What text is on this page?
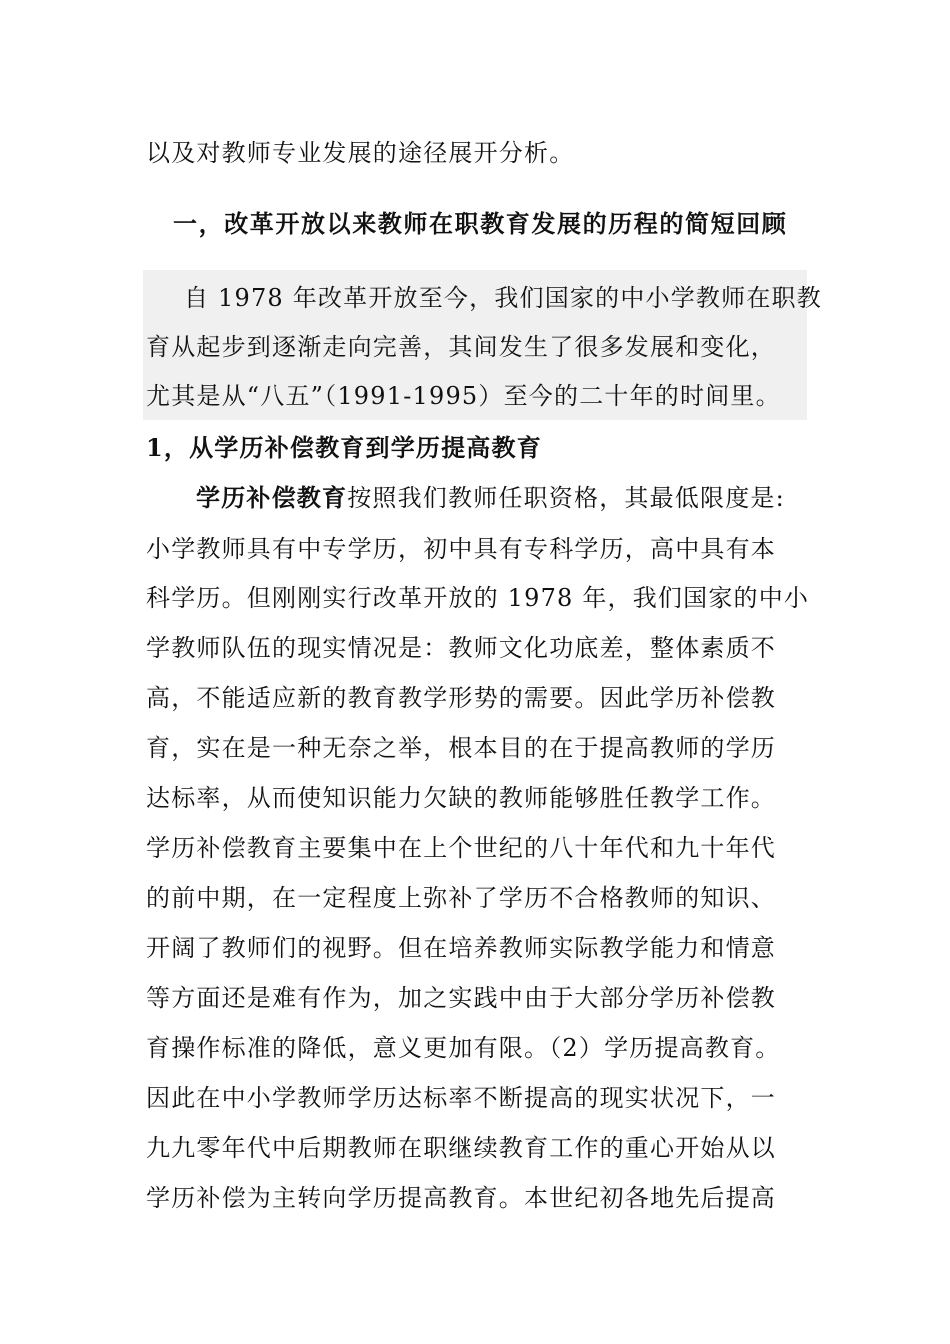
以及对教师专业发展的途径展开分析。
一，改革开放以来教师在职教育发展的历程的简短回顾
自 1978 年改革开放至今，我们国家的中小学教师在职教
育从起步到逐渐走向完善，其间发生了很多发展和变化，
尤其是从“八五”（1991-1995）至今的二十年的时间里。
1，从学历补偿教育到学历提高教育
学历补偿教育按照我们教师任职资格，其最低限度是:
小学教师具有中专学历，初中具有专科学历，高中具有本
科学历。但刚刚实行改革开放的 1978 年，我们国家的中小
学教师队伍的现实情况是：教师文化功底差，整体素质不
高，不能适应新的教育教学形势的需要。因此学历补偿教
育，实在是一种无奈之举，根本目的在于提高教师的学历
达标率，从而使知识能力欠缺的教师能够胜任教学工作。
学历补偿教育主要集中在上个世纪的八十年代和九十年代
的前中期，在一定程度上弥补了学历不合格教师的知识、
开阔了教师们的视野。但在培养教师实际教学能力和情意
等方面还是难有作为，加之实践中由于大部分学历补偿教
育操作标准的降低，意义更加有限。（2）学历提高教育。
因此在中小学教师学历达标率不断提高的现实状况下，一
九九零年代中后期教师在职继续教育工作的重心开始从以
学历补偿为主转向学历提高教育。本世纪初各地先后提高
